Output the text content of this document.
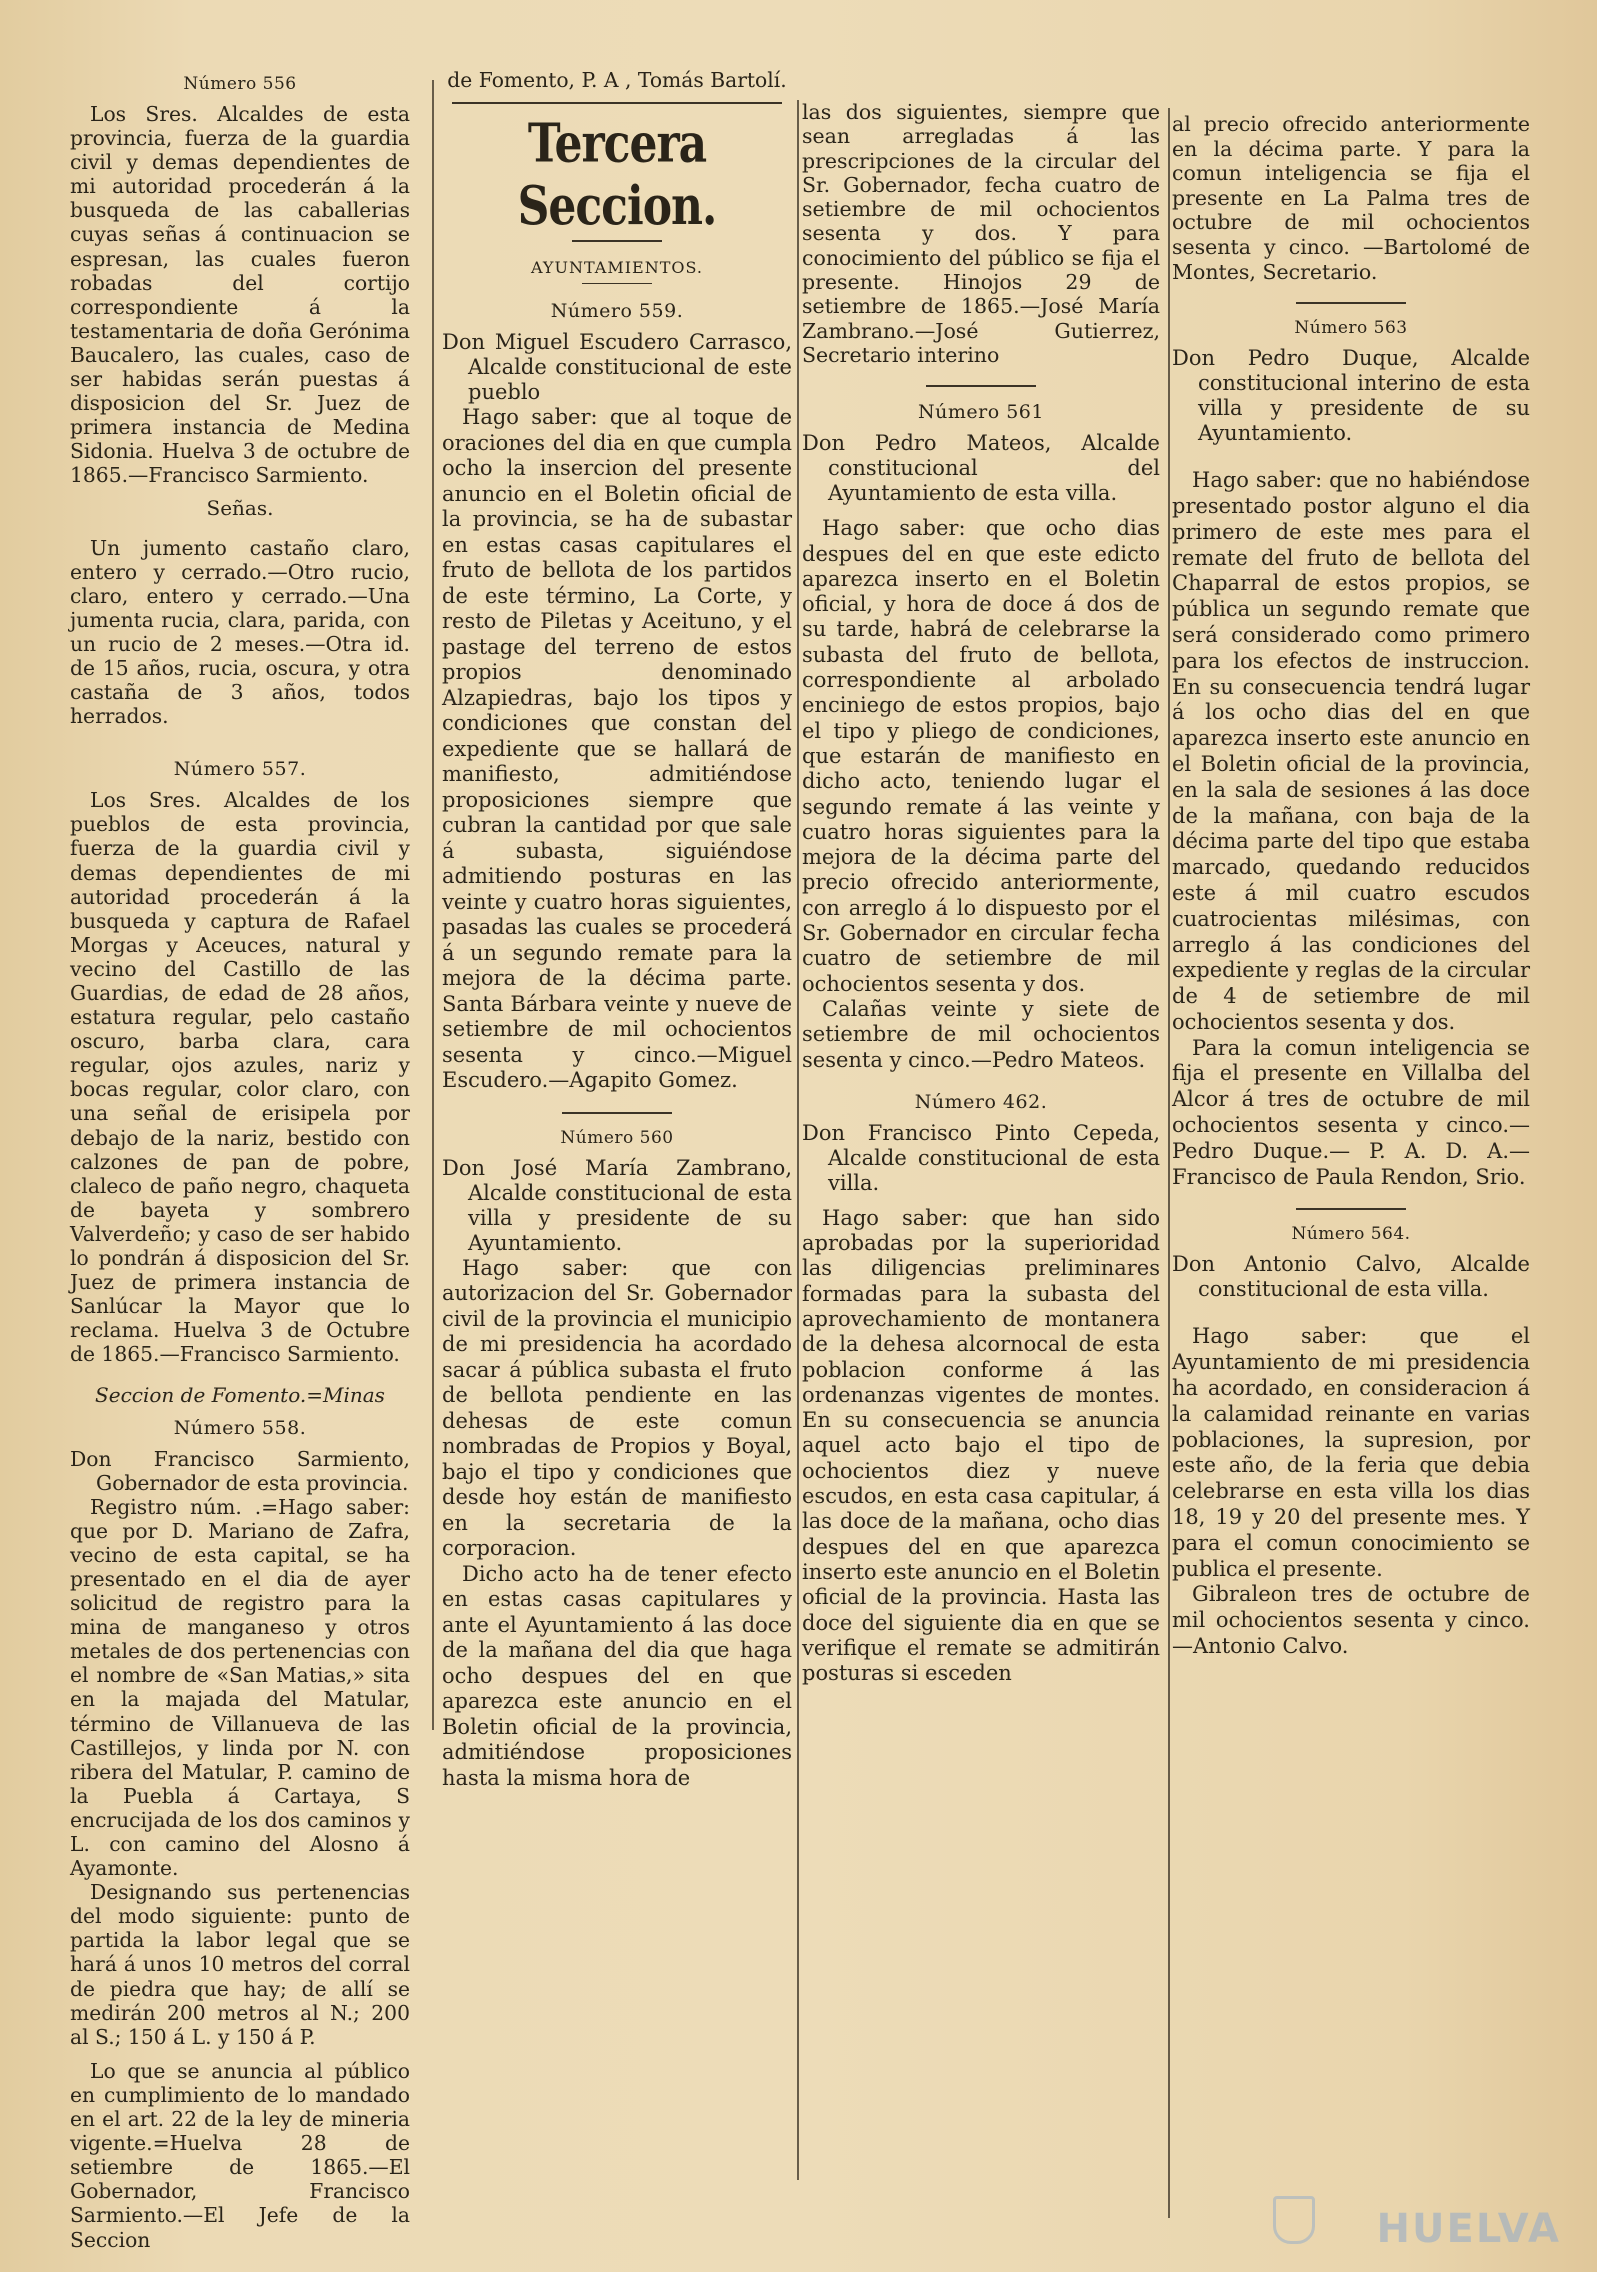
Número 556

Los Sres. Alcaldes de esta provincia, fuerza de la guardia civil y demas dependientes de mi autoridad procederán á la busqueda de las caballerias cuyas señas á continuacion se espresan, las cuales fueron robadas del cortijo correspondiente á la testamentaria de doña Gerónima Baucalero, las cuales, caso de ser habidas serán puestas á disposicion del Sr. Juez de primera instancia de Medina Sidonia. Huelva 3 de octubre de 1865.—Francisco Sarmiento.

Señas.

Un jumento castaño claro, entero y cerrado.—Otro rucio, claro, entero y cerrado.—Una jumenta rucia, clara, parida, con un rucio de 2 meses.—Otra id. de 15 años, rucia, oscura, y otra castaña de 3 años, todos herrados.

Número 557.

Los Sres. Alcaldes de los pueblos de esta provincia, fuerza de la guardia civil y demas dependientes de mi autoridad procederán á la busqueda y captura de Rafael Morgas y Aceuces, natural y vecino del Castillo de las Guardias, de edad de 28 años, estatura regular, pelo castaño oscuro, barba clara, cara regular, ojos azules, nariz y bocas regular, color claro, con una señal de erisipela por debajo de la nariz, bestido con calzones de pan de pobre, claleco de paño negro, chaqueta de bayeta y sombrero Valverdeño; y caso de ser habido lo pondrán á disposicion del Sr. Juez de primera instancia de Sanlúcar la Mayor que lo reclama. Huelva 3 de Octubre de 1865.—Francisco Sarmiento.

Seccion de Fomento.=Minas
Número 558.

Don Francisco Sarmiento, Gobernador de esta provincia.

Registro núm. .=Hago saber: que por D. Mariano de Zafra, vecino de esta capital, se ha presentado en el dia de ayer solicitud de registro para la mina de manganeso y otros metales de dos pertenencias con el nombre de «San Matias,» sita en la majada del Matular, término de Villanueva de las Castillejos, y linda por N. con ribera del Matular, P. camino de la Puebla á Cartaya, S encrucijada de los dos caminos y L. con camino del Alosno á Ayamonte.

Designando sus pertenencias del modo siguiente: punto de partida la labor legal que se hará á unos 10 metros del corral de piedra que hay; de allí se medirán 200 metros al N.; 200 al S.; 150 á L. y 150 á P.

Lo que se anuncia al público en cumplimiento de lo mandado en el art. 22 de la ley de mineria vigente.=Huelva 28 de setiembre de 1865.—El Gobernador, Francisco Sarmiento.—El Jefe de la Seccion

de Fomento, P. A , Tomás Bartolí.

Tercera Seccion.
AYUNTAMIENTOS.
Número 559.

Don Miguel Escudero Carrasco, Alcalde constitucional de este pueblo

Hago saber: que al toque de oraciones del dia en que cumpla ocho la insercion del presente anuncio en el Boletin oficial de la provincia, se ha de subastar en estas casas capitulares el fruto de bellota de los partidos de este término, La Corte, y resto de Piletas y Aceituno, y el pastage del terreno de estos propios denominado Alzapiedras, bajo los tipos y condiciones que constan del expediente que se hallará de manifiesto, admitiéndose proposiciones siempre que cubran la cantidad por que sale á subasta, siguiéndose admitiendo posturas en las veinte y cuatro horas siguientes, pasadas las cuales se procederá á un segundo remate para la mejora de la décima parte. Santa Bárbara veinte y nueve de setiembre de mil ochocientos sesenta y cinco.—Miguel Escudero.—Agapito Gomez.

Número 560

Don José María Zambrano, Alcalde constitucional de esta villa y presidente de su Ayuntamiento.

Hago saber: que con autorizacion del Sr. Gobernador civil de la provincia el municipio de mi presidencia ha acordado sacar á pública subasta el fruto de bellota pendiente en las dehesas de este comun nombradas de Propios y Boyal, bajo el tipo y condiciones que desde hoy están de manifiesto en la secretaria de la corporacion.

Dicho acto ha de tener efecto en estas casas capitulares y ante el Ayuntamiento á las doce de la mañana del dia que haga ocho despues del en que aparezca este anuncio en el Boletin oficial de la provincia, admitiéndose proposiciones hasta la misma hora de

las dos siguientes, siempre que sean arregladas á las prescripciones de la circular del Sr. Gobernador, fecha cuatro de setiembre de mil ochocientos sesenta y dos. Y para conocimiento del público se fija el presente. Hinojos 29 de setiembre de 1865.—José María Zambrano.—José Gutierrez, Secretario interino

Número 561

Don Pedro Mateos, Alcalde constitucional del Ayuntamiento de esta villa.

Hago saber: que ocho dias despues del en que este edicto aparezca inserto en el Boletin oficial, y hora de doce á dos de su tarde, habrá de celebrarse la subasta del fruto de bellota, correspondiente al arbolado enciniego de estos propios, bajo el tipo y pliego de condiciones, que estarán de manifiesto en dicho acto, teniendo lugar el segundo remate á las veinte y cuatro horas siguientes para la mejora de la décima parte del precio ofrecido anteriormente, con arreglo á lo dispuesto por el Sr. Gobernador en circular fecha cuatro de setiembre de mil ochocientos sesenta y dos.

Calañas veinte y siete de setiembre de mil ochocientos sesenta y cinco.—Pedro Mateos.

Número 462.

Don Francisco Pinto Cepeda, Alcalde constitucional de esta villa.

Hago saber: que han sido aprobadas por la superioridad las diligencias preliminares formadas para la subasta del aprovechamiento de montanera de la dehesa alcornocal de esta poblacion conforme á las ordenanzas vigentes de montes. En su consecuencia se anuncia aquel acto bajo el tipo de ochocientos diez y nueve escudos, en esta casa capitular, á las doce de la mañana, ocho dias despues del en que aparezca inserto este anuncio en el Boletin oficial de la provincia. Hasta las doce del siguiente dia en que se verifique el remate se admitirán posturas si esceden

al precio ofrecido anteriormente en la décima parte. Y para la comun inteligencia se fija el presente en La Palma tres de octubre de mil ochocientos sesenta y cinco. —Bartolomé de Montes, Secretario.

Número 563

Don Pedro Duque, Alcalde constitucional interino de esta villa y presidente de su Ayuntamiento.

Hago saber: que no habiéndose presentado postor alguno el dia primero de este mes para el remate del fruto de bellota del Chaparral de estos propios, se pública un segundo remate que será considerado como primero para los efectos de instruccion. En su consecuencia tendrá lugar á los ocho dias del en que aparezca inserto este anuncio en el Boletin oficial de la provincia, en la sala de sesiones á las doce de la mañana, con baja de la décima parte del tipo que estaba marcado, quedando reducidos este á mil cuatro escudos cuatrocientas milésimas, con arreglo á las condiciones del expediente y reglas de la circular de 4 de setiembre de mil ochocientos sesenta y dos.

Para la comun inteligencia se fija el presente en Villalba del Alcor á tres de octubre de mil ochocientos sesenta y cinco.—Pedro Duque.— P. A. D. A.—Francisco de Paula Rendon, Srio.

Número 564.

Don Antonio Calvo, Alcalde constitucional de esta villa.

Hago saber: que el Ayuntamiento de mi presidencia ha acordado, en consideracion á la calamidad reinante en varias poblaciones, la supresion, por este año, de la feria que debia celebrarse en esta villa los dias 18, 19 y 20 del presente mes. Y para el comun conocimiento se publica el presente.

Gibraleon tres de octubre de mil ochocientos sesenta y cinco.—Antonio Calvo.

HUELVA
